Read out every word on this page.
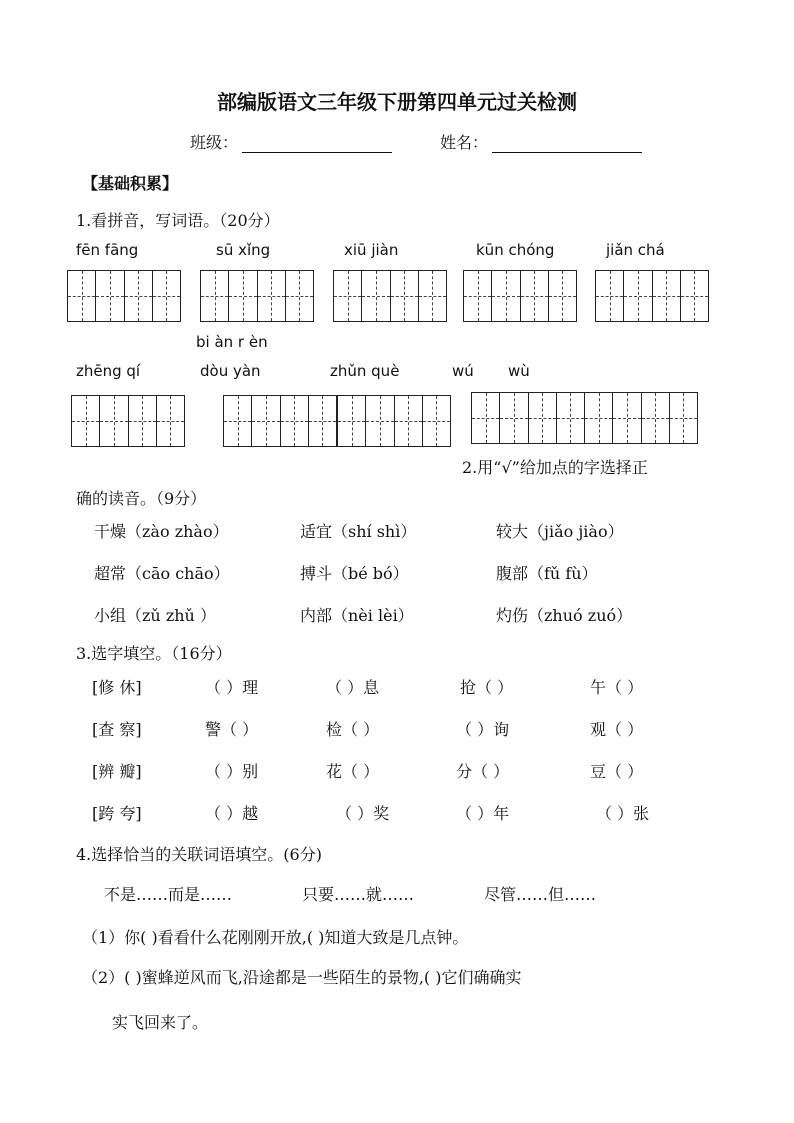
部编版语文三年级下册第四单元过关检测
班级：	姓名：
【基础积累】
1.看拼音，写词语。（20分）
fēn fāng	sū xǐng	xiū jiàn	kūn chóng	jiǎn chá
bi àn r èn
zhēng qí	dòu yàn	zhǔn què	wú wù
2.用“√”给加点的字选择正
确的读音。（9分）
干燥（zào zhào）	适宜（shí shì）	较大（jiǎo jiào）
超常（cāo chāo）	搏斗（bé bó）	腹部（fǔ fù）
小组（zǔ zhǔ ）	内部（nèi lèi）	灼伤（zhuó zuó）
3.选字填空。（16分）
[修 休]	（ ）理	（ ）息	抢（ ）	午（ ）
[查 察]	警（ ）	检（ ）	（ ）询	观（ ）
[辨 瓣]	（ ）别	花（ ）	分（ ）	豆（ ）
[跨 夸]	（ ）越	（ ）奖	（ ）年	（ ）张
4.选择恰当的关联词语填空。(6分)
不是……而是……	只要……就……	尽管……但……
（1）你( )看看什么花刚刚开放,( )知道大致是几点钟。
（2）( )蜜蜂逆风而飞,沿途都是一些陌生的景物,( )它们确确实
实飞回来了。
